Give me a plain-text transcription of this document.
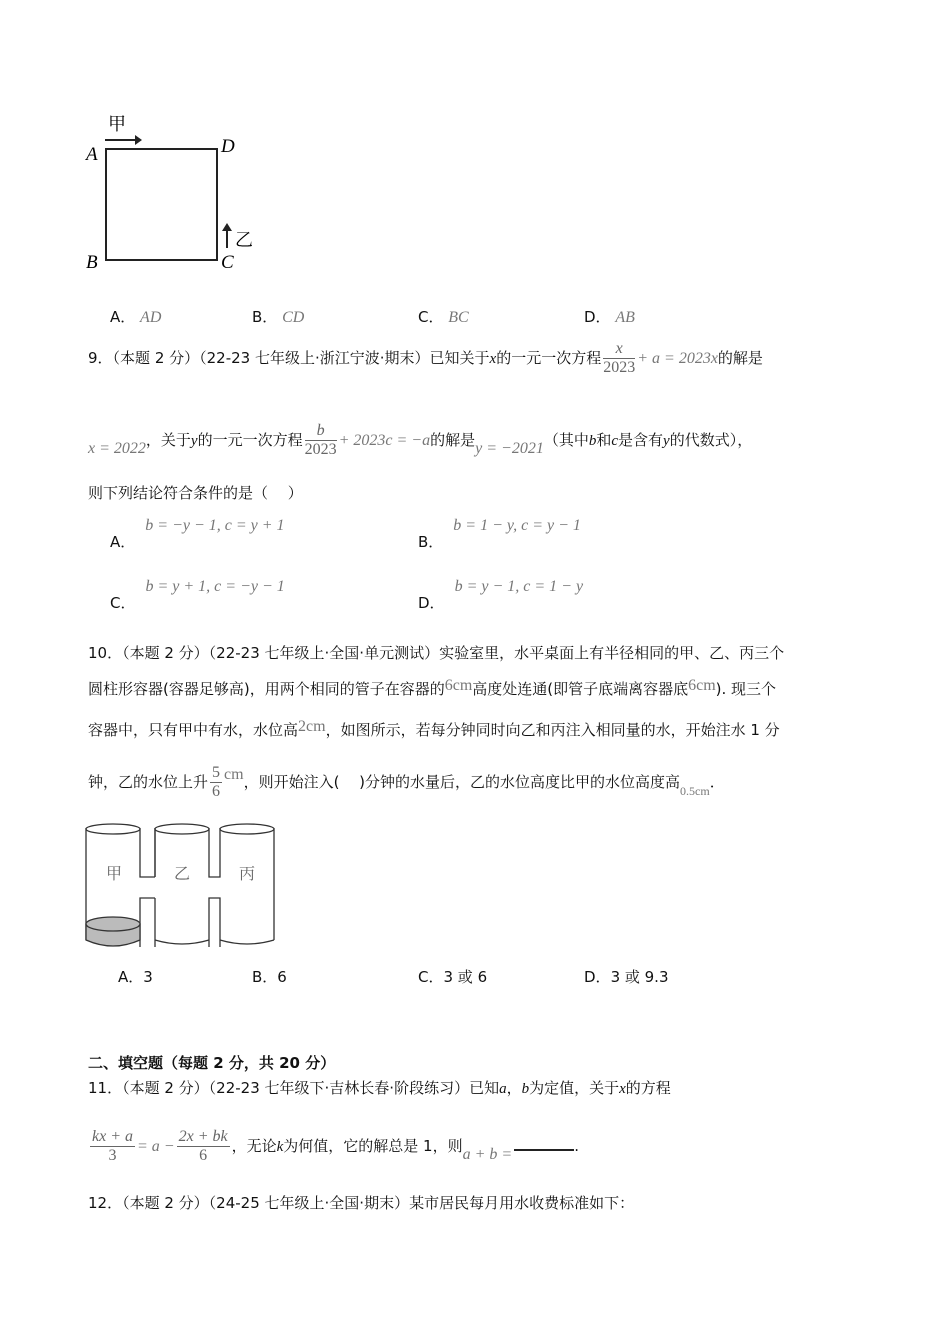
甲
乙
A	D
B	C
A． AD	B． CD	C． BC	D． AB
9．（本题 2 分）（22-23 七年级上·浙江宁波·期末）已知关于x的一元一次方程 $\frac{x}{2023} + a = 2023x$的解是
x = 2022，关于y的一元一次方程 $\frac{b}{2023} + 2023c = -a$的解是y = −2021（其中b和c是含有y的代数式），
则下列结论符合条件的是（　 ）
A．b = −y − 1, c = y + 1
B．b = 1 − y, c = y − 1
C．b = y + 1, c = −y − 1
D．b = y − 1, c = 1 − y
10．（本题 2 分）（22-23 七年级上·全国·单元测试）实验室里，水平桌面上有半径相同的甲、乙、丙三个
圆柱形容器(容器足够高)，用两个相同的管子在容器的6cm高度处连通(即管子底端离容器底6cm). 现三个
容器中，只有甲中有水，水位高2cm，如图所示，若每分钟同时向乙和丙注入相同量的水，开始注水 1 分
钟，乙的水位上升 $\frac{5}{6}$ cm，则开始注入(　 )分钟的水量后，乙的水位高度比甲的水位高度高$_{0.5cm}$．
甲	乙	丙
A．3	B．6	C．3 或 6	D．3 或 9.3
二、填空题（每题 2 分，共 20 分）
11．（本题 2 分）（22-23 七年级下·吉林长春·阶段练习）已知a，b为定值，关于x的方程
$\frac{kx + a}{3} = a - \frac{2x + bk}{6}$ ，无论k为何值，它的解总是 1，则a + b =	.
12．（本题 2 分）（24-25 七年级上·全国·期末）某市居民每月用水收费标准如下：
